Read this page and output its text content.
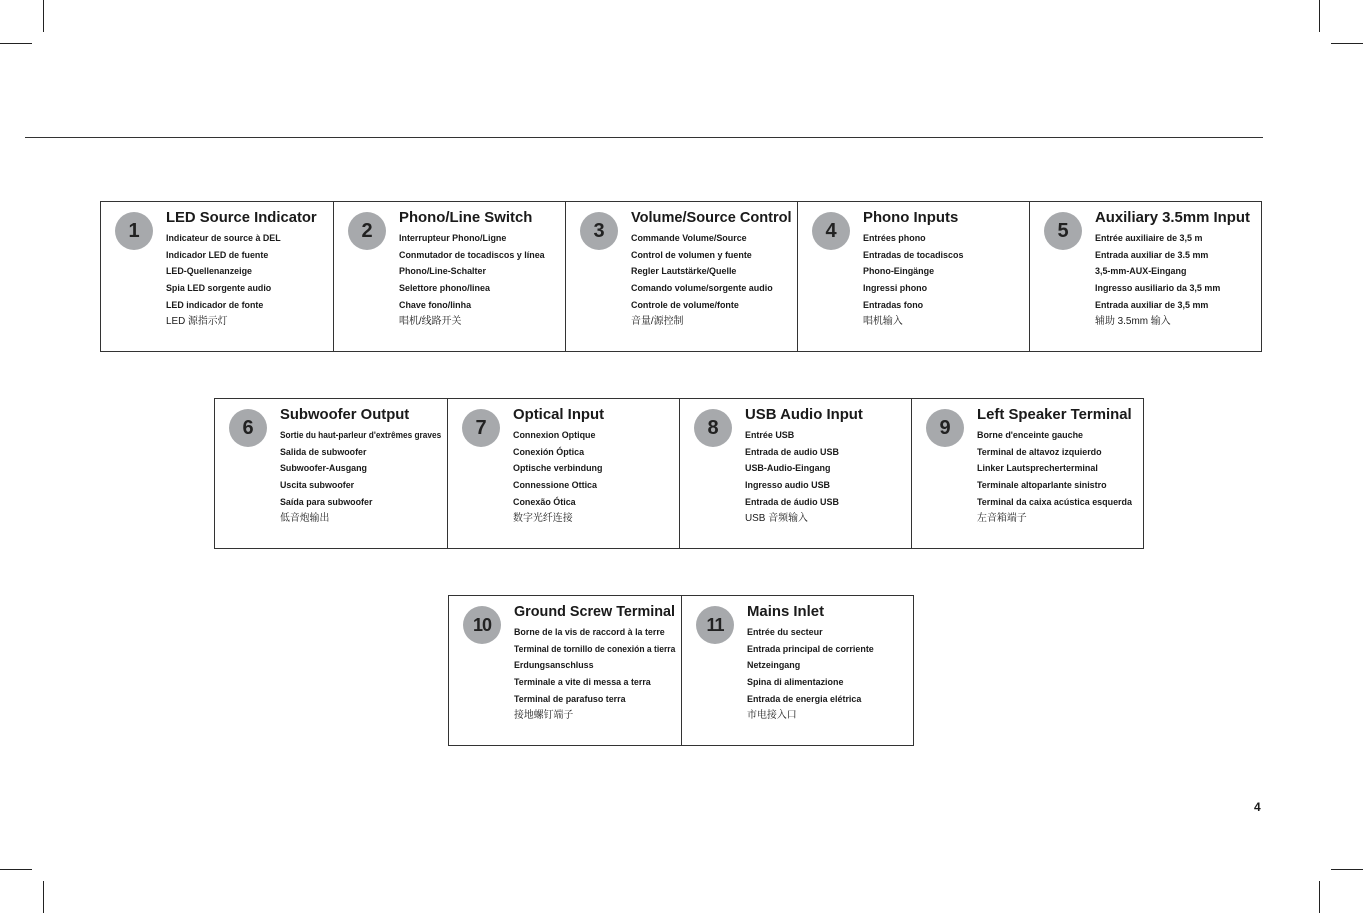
1
LED Source Indicator
Indicateur de source à DEL
Indicador LED de fuente
LED-Quellenanzeige
Spia LED sorgente audio
LED indicador de fonte
LED 源指示灯
2
Phono/Line Switch
Interrupteur Phono/Ligne
Conmutador de tocadiscos y línea
Phono/Line-Schalter
Selettore phono/linea
Chave fono/linha
唱机/线路开关
3
Volume/Source Control
Commande Volume/Source
Control de volumen y fuente
Regler Lautstärke/Quelle
Comando volume/sorgente audio
Controle de volume/fonte
音量/源控制
4
Phono Inputs
Entrées phono
Entradas de tocadiscos
Phono-Eingänge
Ingressi phono
Entradas fono
唱机输入
5
Auxiliary 3.5mm Input
Entrée auxiliaire de 3,5 m
Entrada auxiliar de 3.5 mm
3,5-mm-AUX-Eingang
Ingresso ausiliario da 3,5 mm
Entrada auxiliar de 3,5 mm
辅助 3.5mm 输入
6
Subwoofer Output
Sortie du haut-parleur d'extrêmes graves
Salida de subwoofer
Subwoofer-Ausgang
Uscita subwoofer
Saída para subwoofer
低音炮输出
7
Optical Input
Connexion Optique
Conexión Óptica
Optische verbindung
Connessione Ottica
Conexão Ótica
数字光纤连接
8
USB Audio Input
Entrée USB
Entrada de audio USB
USB-Audio-Eingang
Ingresso audio USB
Entrada de áudio USB
USB 音频输入
9
Left Speaker Terminal
Borne d'enceinte gauche
Terminal de altavoz izquierdo
Linker Lautsprecherterminal
Terminale altoparlante sinistro
Terminal da caixa acústica esquerda
左音箱端子
10
Ground Screw Terminal
Borne de la vis de raccord à la terre
Terminal de tornillo de conexión a tierra
Erdungsanschluss
Terminale a vite di messa a terra
Terminal de parafuso terra
接地螺钉端子
11
Mains Inlet
Entrée du secteur
Entrada principal de corriente
Netzeingang
Spina di alimentazione
Entrada de energia elétrica
市电接入口
4
